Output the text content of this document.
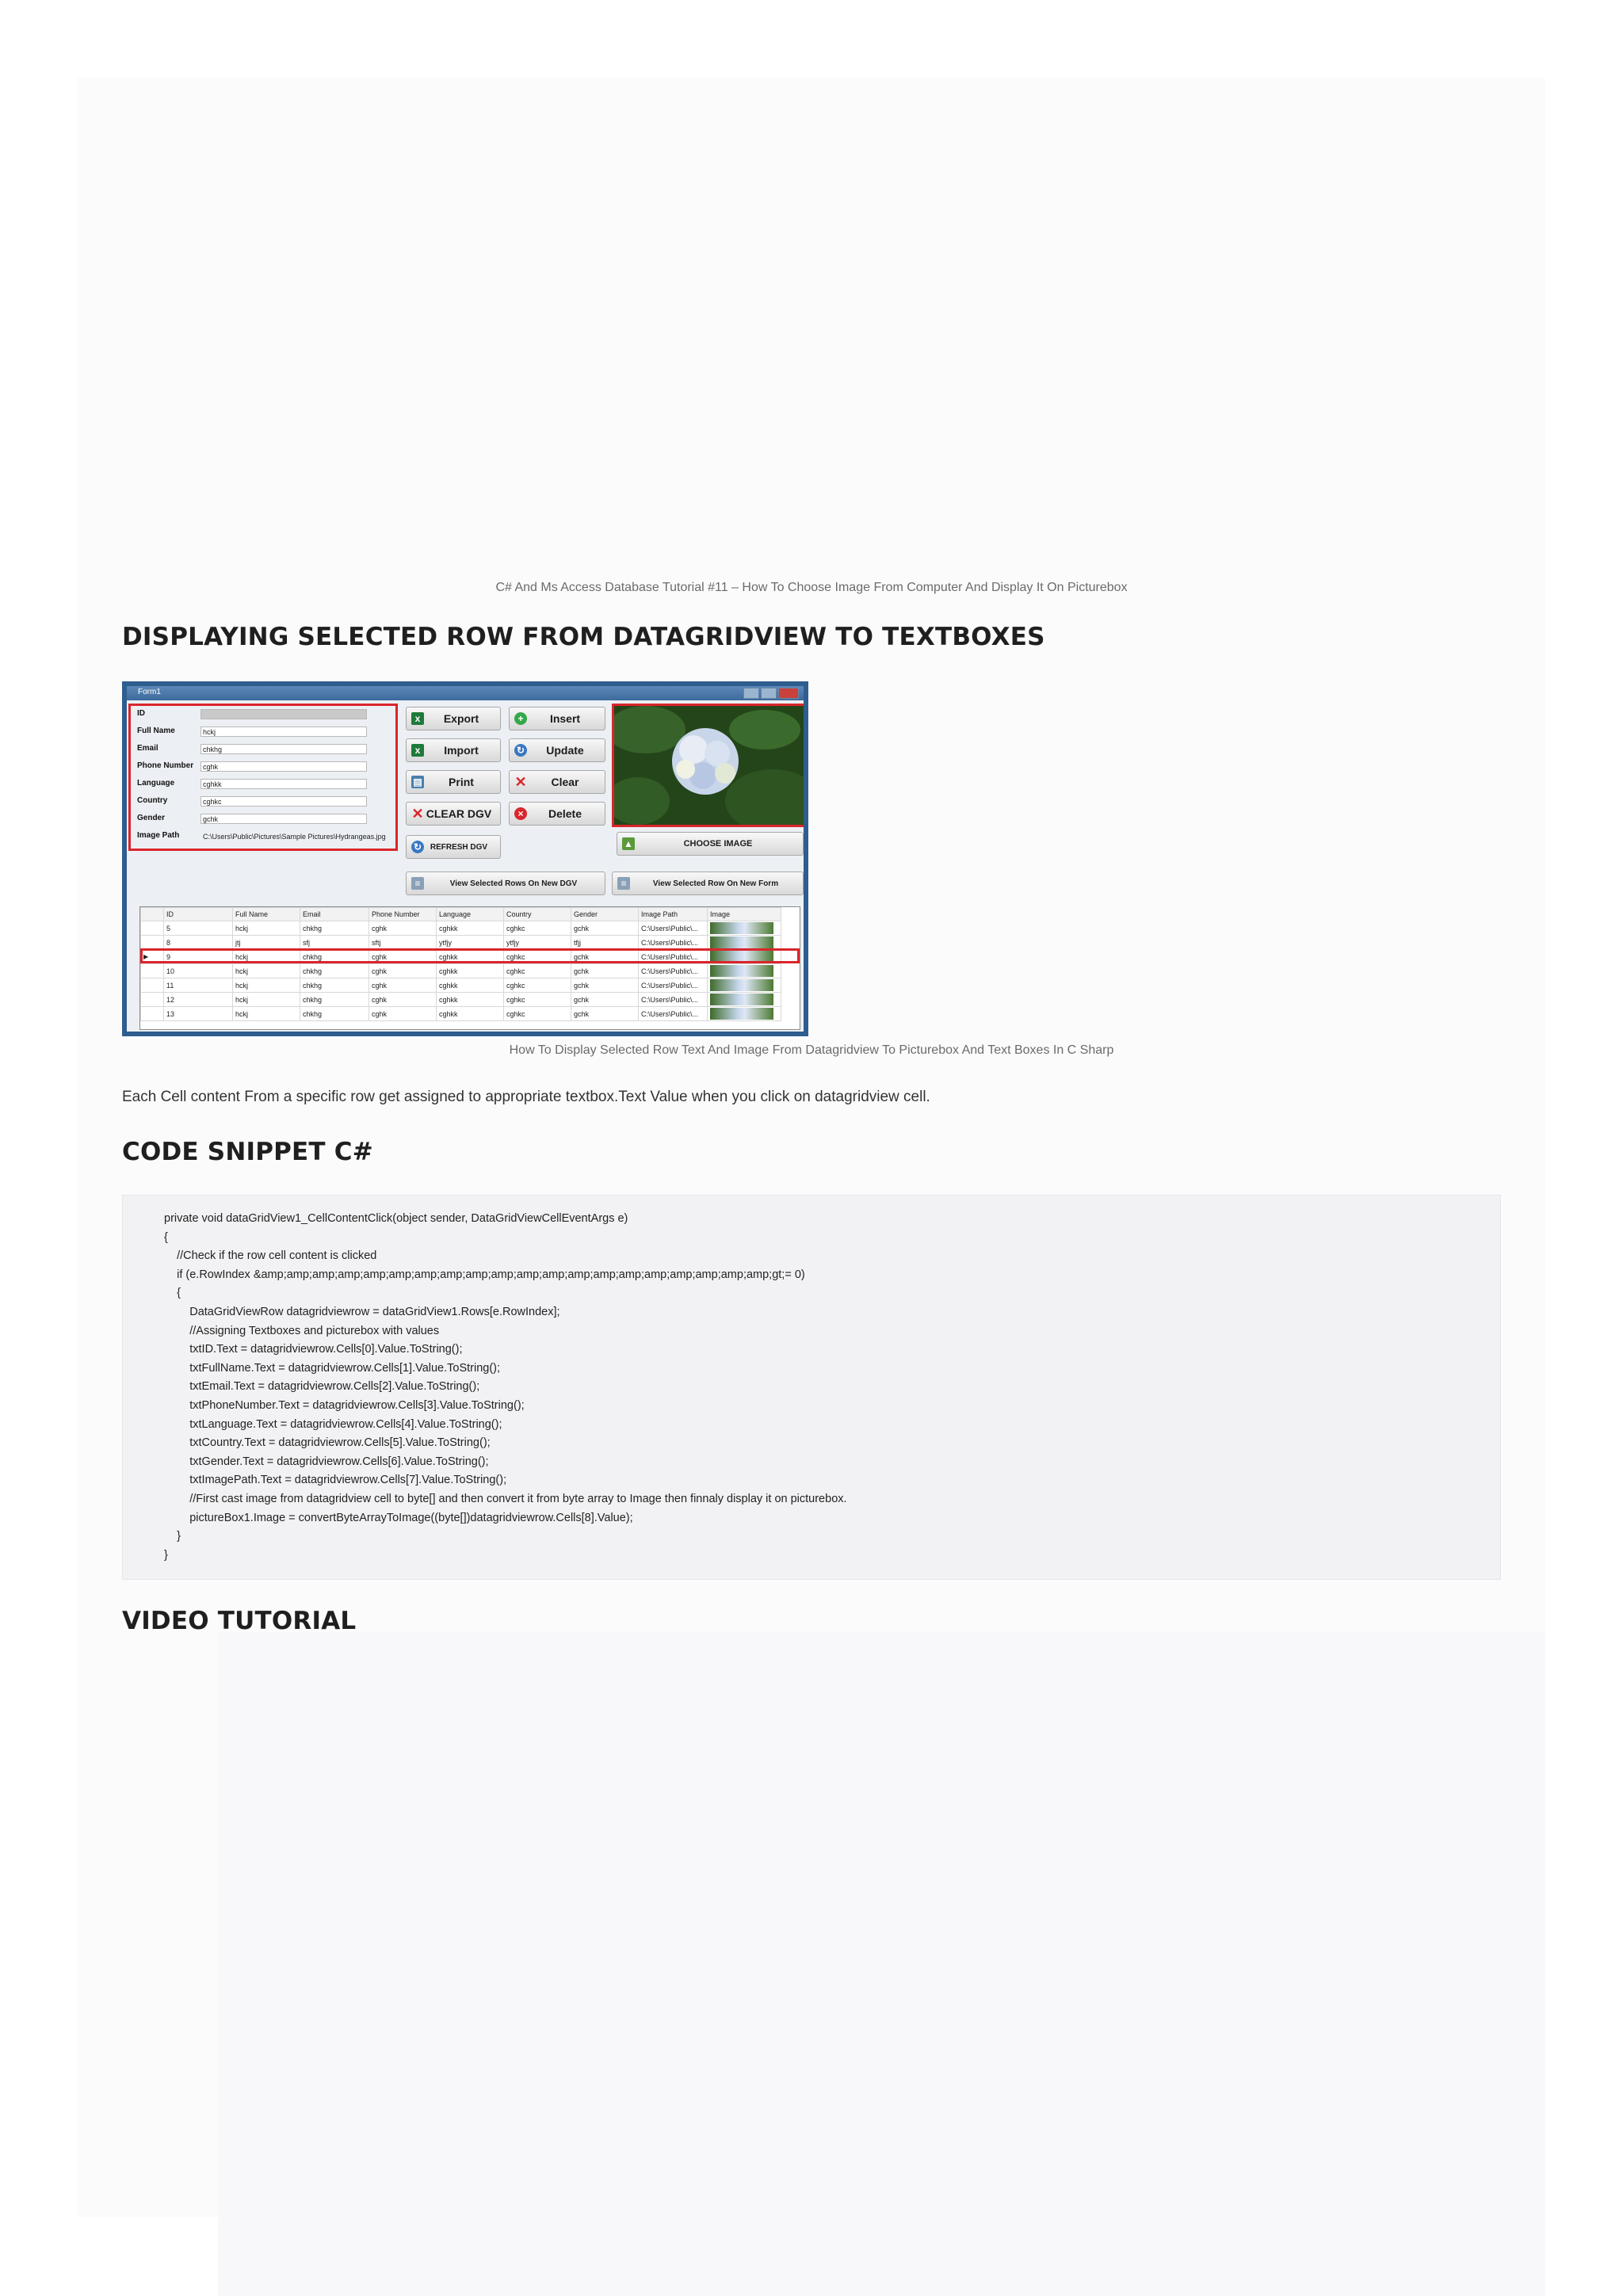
C# And Ms Access Database Tutorial #11 – How To Choose Image From Computer And Display It On Picturebox
DISPLAYING SELECTED ROW FROM DATAGRIDVIEW TO TEXTBOXES
Form1
ID
Full Name	hckj
Email	chkhg
Phone Number	cghk
Language	cghkk
Country	cghkc
Gender	gchk
Image Path	C:\Users\Public\Pictures\Sample Pictures\Hydrangeas.jpg
x	Export	+	Insert
x	Import	↻	Update
▤	Print	✕	Clear
✕ CLEAR DGV	×	Delete
↻	REFRESH DGV	▲	CHOOSE IMAGE
≡	View Selected Rows On New DGV	≡	View Selected Row On New Form
	ID	Full Name	Email	Phone Number	Language	Country	Gender	Image Path	Image
	5	hckj	chkhg	cghk	cghkk	cghkc	gchk	C:\Users\Public\...	

	8	jtj	sfj	sftj	ytfjy	ytfjy	tfjj	C:\Users\Public\...	

▶	9	hckj	chkhg	cghk	cghkk	cghkc	gchk	C:\Users\Public\...	

	10	hckj	chkhg	cghk	cghkk	cghkc	gchk	C:\Users\Public\...	

	11	hckj	chkhg	cghk	cghkk	cghkc	gchk	C:\Users\Public\...	

	12	hckj	chkhg	cghk	cghkk	cghkc	gchk	C:\Users\Public\...	

	13	hckj	chkhg	cghk	cghkk	cghkc	gchk	C:\Users\Public\...	
How To Display Selected Row Text And Image From Datagridview To Picturebox And Text Boxes In C Sharp
Each Cell content From a specific row get assigned to appropriate textbox.Text Value when you click on datagridview cell.
CODE SNIPPET C#
private void dataGridView1_CellContentClick(object sender, DataGridViewCellEventArgs e)
{
//Check if the row cell content is clicked
if (e.RowIndex &amp;amp;amp;amp;amp;amp;amp;amp;amp;amp;amp;amp;amp;amp;amp;amp;amp;amp;amp;amp;gt;= 0)
{
DataGridViewRow datagridviewrow = dataGridView1.Rows[e.RowIndex];
//Assigning Textboxes and picturebox with values
txtID.Text = datagridviewrow.Cells[0].Value.ToString();
txtFullName.Text = datagridviewrow.Cells[1].Value.ToString();
txtEmail.Text = datagridviewrow.Cells[2].Value.ToString();
txtPhoneNumber.Text = datagridviewrow.Cells[3].Value.ToString();
txtLanguage.Text = datagridviewrow.Cells[4].Value.ToString();
txtCountry.Text = datagridviewrow.Cells[5].Value.ToString();
txtGender.Text = datagridviewrow.Cells[6].Value.ToString();
txtImagePath.Text = datagridviewrow.Cells[7].Value.ToString();
//First cast image from datagridview cell to byte[] and then convert it from byte array to Image then finnaly display it on picturebox.
pictureBox1.Image = convertByteArrayToImage((byte[])datagridviewrow.Cells[8].Value);
}
}
VIDEO TUTORIAL
